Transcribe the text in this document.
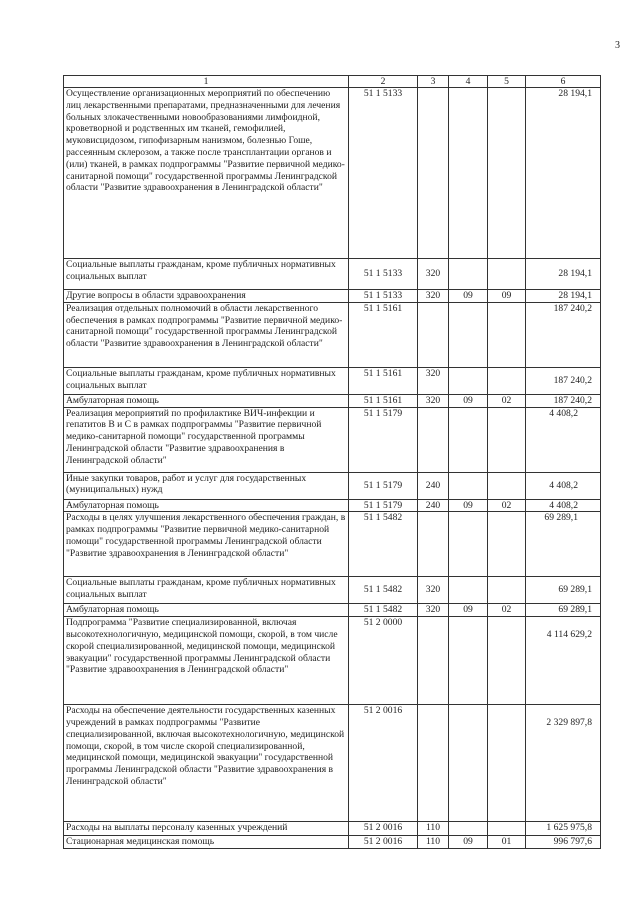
3
1	2	3	4	5	6
Осуществление организационных мероприятий по обеспечению лиц лекарственными препаратами, предназначенными для лечения больных злокачественными новообразованиями лимфоидной, кроветворной и родственных им тканей, гемофилией, муковисцидозом, гипофизарным нанизмом, болезнью Гоше, рассеянным склерозом, а также после трансплантации органов и (или) тканей, в рамках подпрограммы "Развитие первичной медико-санитарной помощи" государственной программы Ленинградской области "Развитие здравоохранения в Ленинградской области"	51 1 5133				28 194,1
Социальные выплаты гражданам, кроме публичных нормативных социальных выплат	51 1 5133	320			28 194,1
Другие вопросы в области здравоохранения	51 1 5133	320	09	09	28 194,1
Реализация отдельных полномочий в области лекарственного обеспечения в рамках подпрограммы "Развитие первичной медико-санитарной помощи" государственной программы Ленинградской области "Развитие здравоохранения в Ленинградской области"	51 1 5161				187 240,2
Социальные выплаты гражданам, кроме публичных нормативных социальных выплат	51 1 5161	320			187 240,2
Амбулаторная помощь	51 1 5161	320	09	02	187 240,2
Реализация мероприятий по профилактике ВИЧ-инфекции и гепатитов В и С в рамках подпрограммы "Развитие первичной медико-санитарной помощи" государственной программы Ленинградской области "Развитие здравоохранения в Ленинградской области"	51 1 5179				4 408,2
Иные закупки товаров, работ и услуг для государственных (муниципальных) нужд	51 1 5179	240			4 408,2
Амбулаторная помощь	51 1 5179	240	09	02	4 408,2
Расходы в целях улучшения лекарственного обеспечения граждан, в рамках подпрограммы "Развитие первичной медико-санитарной помощи" государственной программы Ленинградской области "Развитие здравоохранения в Ленинградской области"	51 1 5482				69 289,1
Социальные выплаты гражданам, кроме публичных нормативных социальных выплат	51 1 5482	320			69 289,1
Амбулаторная помощь	51 1 5482	320	09	02	69 289,1
Подпрограмма "Развитие специализированной, включая высокотехнологичную, медицинской помощи, скорой, в том числе скорой специализированной, медицинской помощи, медицинской эвакуации" государственной программы Ленинградской области "Развитие здравоохранения в Ленинградской области"	51 2 0000				4 114 629,2
Расходы на обеспечение деятельности государственных казенных учреждений в рамках подпрограммы "Развитие специализированной, включая высокотехнологичную, медицинской помощи, скорой, в том числе скорой специализированной, медицинской помощи, медицинской эвакуации" государственной программы Ленинградской области "Развитие здравоохранения в Ленинградской области"	51 2 0016				2 329 897,8
Расходы на выплаты персоналу казенных учреждений	51 2 0016	110			1 625 975,8
Стационарная медицинская помощь	51 2 0016	110	09	01	996 797,6
